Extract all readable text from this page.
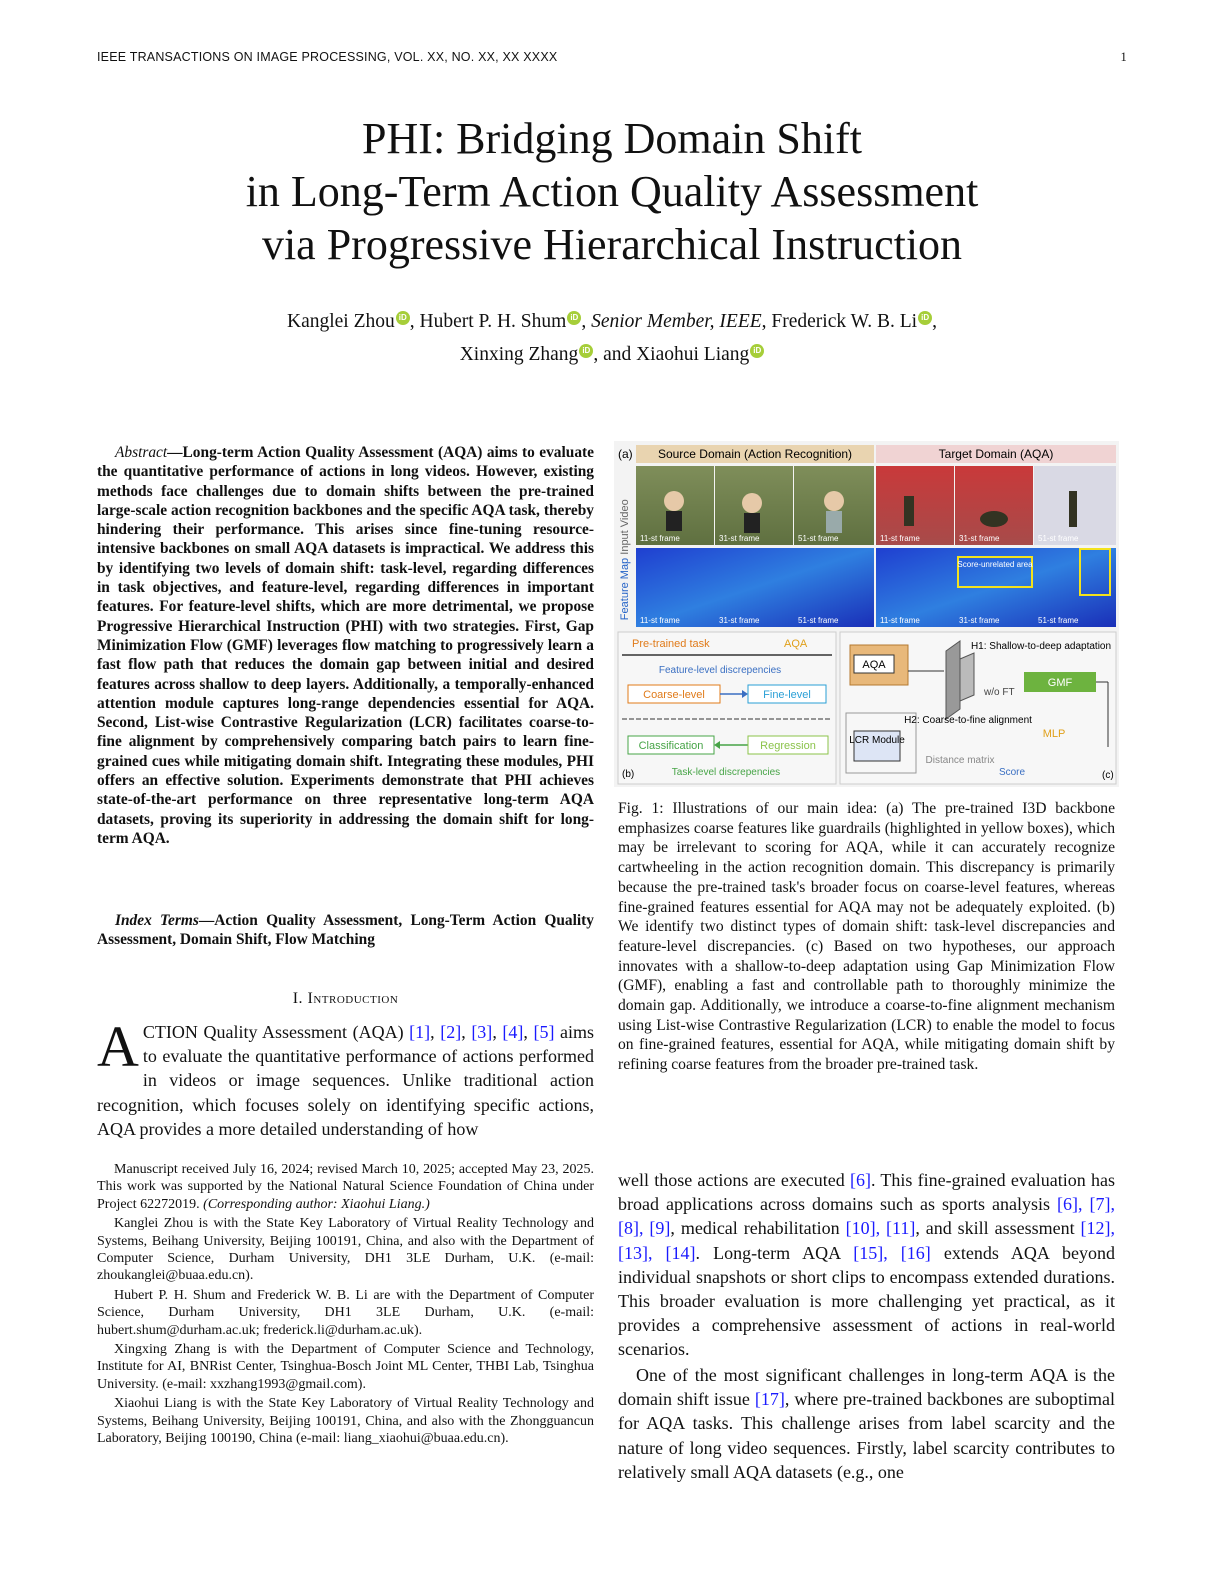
IEEE TRANSACTIONS ON IMAGE PROCESSING, VOL. XX, NO. XX, XX XXXX	1
PHI: Bridging Domain Shift
in Long-Term Action Quality Assessment
via Progressive Hierarchical Instruction
Kanglei Zhou iD , Hubert P. H. Shum iD , Senior Member, IEEE, Frederick W. B. Li iD ,
Xinxing Zhang iD , and Xiaohui Liang iD
Abstract—Long-term Action Quality Assessment (AQA) aims to evaluate the quantitative performance of actions in long videos. However, existing methods face challenges due to domain shifts between the pre-trained large-scale action recognition backbones and the specific AQA task, thereby hindering their performance. This arises since fine-tuning resource-intensive backbones on small AQA datasets is impractical. We address this by identifying two levels of domain shift: task-level, regarding differences in task objectives, and feature-level, regarding differences in important features. For feature-level shifts, which are more detrimental, we propose Progressive Hierarchical Instruction (PHI) with two strategies. First, Gap Minimization Flow (GMF) leverages flow matching to progressively learn a fast flow path that reduces the domain gap between initial and desired features across shallow to deep layers. Additionally, a temporally-enhanced attention module captures long-range dependencies essential for AQA. Second, List-wise Contrastive Regularization (LCR) facilitates coarse-to-fine alignment by comprehensively comparing batch pairs to learn fine-grained cues while mitigating domain shift. Integrating these modules, PHI offers an effective solution. Experiments demonstrate that PHI achieves state-of-the-art performance on three representative long-term AQA datasets, proving its superiority in addressing the domain shift for long-term AQA.
Index Terms—Action Quality Assessment, Long-Term Action Quality Assessment, Domain Shift, Flow Matching
I. Introduction
ACTION Quality Assessment (AQA) [1], [2], [3], [4], [5] aims to evaluate the quantitative performance of actions performed in videos or image sequences. Unlike traditional action recognition, which focuses solely on identifying specific actions, AQA provides a more detailed understanding of how

Manuscript received July 16, 2024; revised March 10, 2025; accepted May 23, 2025. This work was supported by the National Natural Science Foundation of China under Project 62272019. (Corresponding author: Xiaohui Liang.)

Kanglei Zhou is with the State Key Laboratory of Virtual Reality Technology and Systems, Beihang University, Beijing 100191, China, and also with the Department of Computer Science, Durham University, DH1 3LE Durham, U.K. (e-mail: zhoukanglei@buaa.edu.cn).

Hubert P. H. Shum and Frederick W. B. Li are with the Department of Computer Science, Durham University, DH1 3LE Durham, U.K. (e-mail: hubert.shum@durham.ac.uk; frederick.li@durham.ac.uk).

Xingxing Zhang is with the Department of Computer Science and Technology, Institute for AI, BNRist Center, Tsinghua-Bosch Joint ML Center, THBI Lab, Tsinghua University. (e-mail: xxzhang1993@gmail.com).

Xiaohui Liang is with the State Key Laboratory of Virtual Reality Technology and Systems, Beihang University, Beijing 100191, China, and also with the Zhongguancun Laboratory, Beijing 100190, China (e-mail: liang_xiaohui@buaa.edu.cn).

(a) Source Domain (Action Recognition)	Target Domain (AQA)
Input Video
Feature Map	Score-unrelated area
11-st frame	31-st frame	51-st frame	11-st frame	31-st frame	51-st frame
11-st frame	31-st frame	51-st frame	11-st frame	31-st frame	51-st frame
Pre-trained task	AQA
Feature-level discrepencies
Coarse-level	Fine-level
Classification	Regression
(b)	Task-level discrepencies
AQA
w/o FT
H1: Shallow-to-deep adaptation
GMF
LCR Module
H2: Coarse-to-fine alignment
MLP
Distance matrix
Score	(c)
Fig. 1: Illustrations of our main idea: (a) The pre-trained I3D backbone emphasizes coarse features like guardrails (highlighted in yellow boxes), which may be irrelevant to scoring for AQA, while it can accurately recognize cartwheeling in the action recognition domain. This discrepancy is primarily because the pre-trained task's broader focus on coarse-level features, whereas fine-grained features essential for AQA may not be adequately exploited. (b) We identify two distinct types of domain shift: task-level discrepancies and feature-level discrepancies. (c) Based on two hypotheses, our approach innovates with a shallow-to-deep adaptation using Gap Minimization Flow (GMF), enabling a fast and controllable path to thoroughly minimize the domain gap. Additionally, we introduce a coarse-to-fine alignment mechanism using List-wise Contrastive Regularization (LCR) to enable the model to focus on fine-grained features, essential for AQA, while mitigating domain shift by refining coarse features from the broader pre-trained task.
well those actions are executed [6]. This fine-grained evaluation has broad applications across domains such as sports analysis [6], [7], [8], [9], medical rehabilitation [10], [11], and skill assessment [12], [13], [14]. Long-term AQA [15], [16] extends AQA beyond individual snapshots or short clips to encompass extended durations. This broader evaluation is more challenging yet practical, as it provides a comprehensive assessment of actions in real-world scenarios.
One of the most significant challenges in long-term AQA is the domain shift issue [17], where pre-trained backbones are suboptimal for AQA tasks. This challenge arises from label scarcity and the nature of long video sequences. Firstly, label scarcity contributes to relatively small AQA datasets (e.g., one
